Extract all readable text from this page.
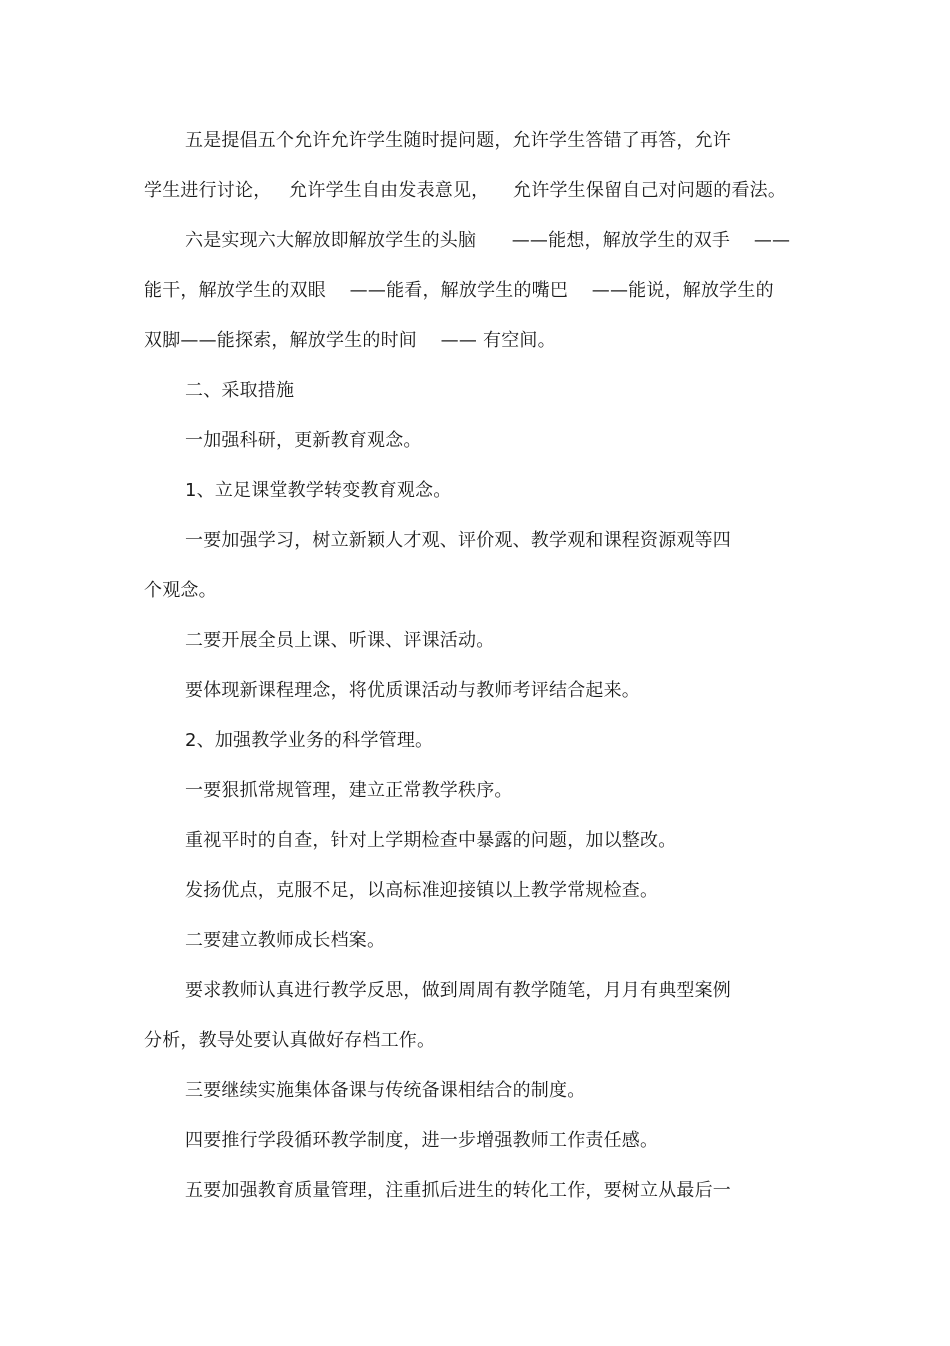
五是提倡五个允许允许学生随时提问题，允许学生答错了再答，允许
学生进行讨论，   允许学生自由发表意见，    允许学生保留自己对问题的看法。
六是实现六大解放即解放学生的头脑      ——能想，解放学生的双手    ——
能干，解放学生的双眼    ——能看，解放学生的嘴巴    ——能说，解放学生的
双脚——能探索，解放学生的时间    —— 有空间。
二、采取措施
一加强科研，更新教育观念。
1、立足课堂教学转变教育观念。
一要加强学习，树立新颖人才观、评价观、教学观和课程资源观等四
个观念。
二要开展全员上课、听课、评课活动。
要体现新课程理念，将优质课活动与教师考评结合起来。
2、加强教学业务的科学管理。
一要狠抓常规管理，建立正常教学秩序。
重视平时的自查，针对上学期检查中暴露的问题，加以整改。
发扬优点，克服不足，以高标准迎接镇以上教学常规检查。
二要建立教师成长档案。
要求教师认真进行教学反思，做到周周有教学随笔，月月有典型案例
分析，教导处要认真做好存档工作。
三要继续实施集体备课与传统备课相结合的制度。
四要推行学段循环教学制度，进一步增强教师工作责任感。
五要加强教育质量管理，注重抓后进生的转化工作，要树立从最后一
